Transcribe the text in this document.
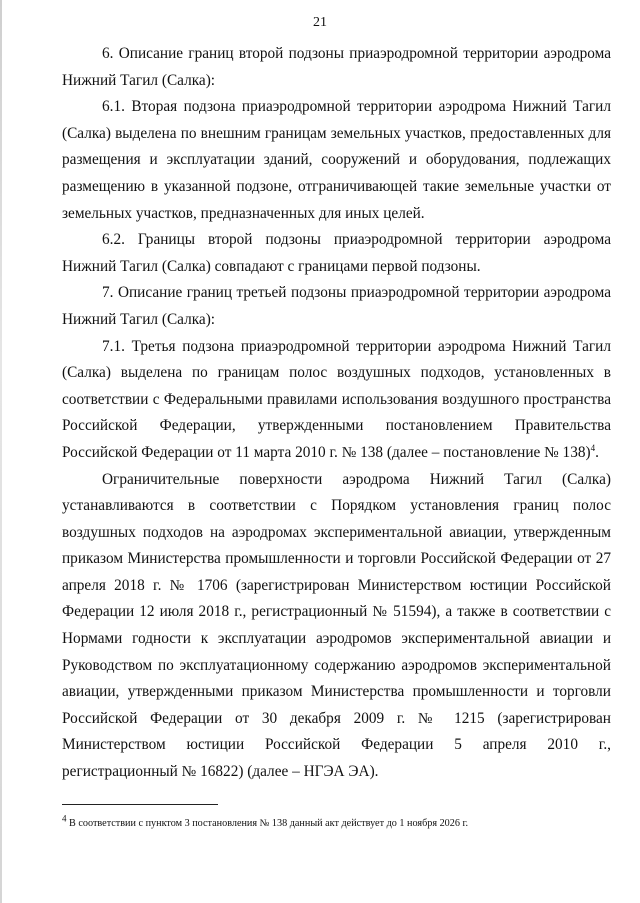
21

6. Описание границ второй подзоны приаэродромной территории аэродрома Нижний Тагил (Салка):

6.1. Вторая подзона приаэродромной территории аэродрома Нижний Тагил (Салка) выделена по внешним границам земельных участков, предоставленных для размещения и эксплуатации зданий, сооружений и оборудования, подлежащих размещению в указанной подзоне, отграничивающей такие земельные участки от земельных участков, предназначенных для иных целей.

6.2. Границы второй подзоны приаэродромной территории аэродрома Нижний Тагил (Салка) совпадают с границами первой подзоны.

7. Описание границ третьей подзоны приаэродромной территории аэродрома Нижний Тагил (Салка):

7.1. Третья подзона приаэродромной территории аэродрома Нижний Тагил (Салка) выделена по границам полос воздушных подходов, установленных в соответствии с Федеральными правилами использования воздушного пространства Российской Федерации, утвержденными постановлением Правительства Российской Федерации от 11 марта 2010 г. № 138 (далее – постановление № 138)$^4$.

Ограничительные поверхности аэродрома Нижний Тагил (Салка) устанавливаются в соответствии с Порядком установления границ полос воздушных подходов на аэродромах экспериментальной авиации, утвержденным приказом Министерства промышленности и торговли Российской Федерации от 27 апреля 2018 г. № 1706 (зарегистрирован Министерством юстиции Российской Федерации 12 июля 2018 г., регистрационный № 51594), а также в соответствии с Нормами годности к эксплуатации аэродромов экспериментальной авиации и Руководством по эксплуатационному содержанию аэродромов экспериментальной авиации, утвержденными приказом Министерства промышленности и торговли Российской Федерации от 30 декабря 2009 г. № 1215 (зарегистрирован Министерством юстиции Российской Федерации 5 апреля 2010 г., регистрационный № 16822) (далее – НГЭА ЭА).

$^4$ В соответствии с пунктом 3 постановления № 138 данный акт действует до 1 ноября 2026 г.
